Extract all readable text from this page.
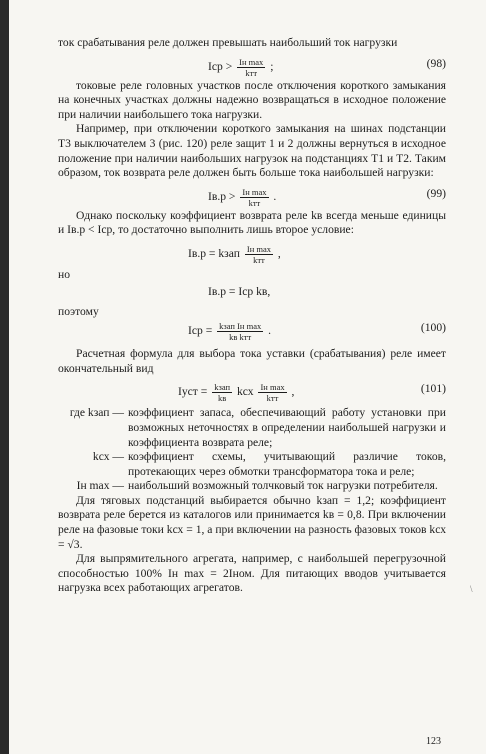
ток срабатывания реле должен превышать наибольший ток нагрузки

Iср > $\frac{\text{Iн max}}{\text{kтт}}$ ;	(98)

токовые реле головных участков после отключения короткого замыкания на конечных участках должны надежно возвращаться в исходное положение при наличии наибольшего тока нагрузки.

Например, при отключении короткого замыкания на шинах подстанции Т3 выключателем 3 (рис. 120) реле защит 1 и 2 должны вернуться в исходное положение при наличии наибольших нагрузок на подстанциях Т1 и Т2. Таким образом, ток возврата реле должен быть больше тока наибольшей нагрузки:

$Iв.р > \frac{\text{Iн max}}{\text{kтт}}$ .	(99)

Однако поскольку коэффициент возврата реле kв всегда меньше единицы и Iв.р < Iср, то достаточно выполнить лишь второе условие:

Iв.р = kзап $\frac{\text{Iн max}}{\text{kтт}}$ ,

но

Iв.р = Iср kв,

поэтому

Iср = $\frac{\text{kзап Iн max}}{\text{kв kтт}}$ .	(100)

Расчетная формула для выбора тока уставки (срабатывания) реле имеет окончательный вид

Iуст = $\frac{\text{kзап}}{kв}$ kсх $\frac{\text{Iн max}}{\text{kтт}}$ ,	(101)
где kзап — коэффициент запаса, обеспечивающий работу установки при возможных неточностях в определении наибольшей нагрузки и коэффициента возврата реле;
kсх — коэффициент схемы, учитывающий различие токов, протекающих через обмотки трансформатора тока и реле;
Iн max — наибольший возможный толчковый ток нагрузки потребителя.

Для тяговых подстанций выбирается обычно kзап = 1,2; коэффициент возврата реле берется из каталогов или принимается kв = 0,8. При включении реле на фазовые токи kсх = 1, а при включении на разность фазовых токов kсх = √3.

Для выпрямительного агрегата, например, с наибольшей перегрузочной способностью 100% Iн max = 2Iном. Для питающих вводов учитывается нагрузка всех работающих агрегатов.

123
\
